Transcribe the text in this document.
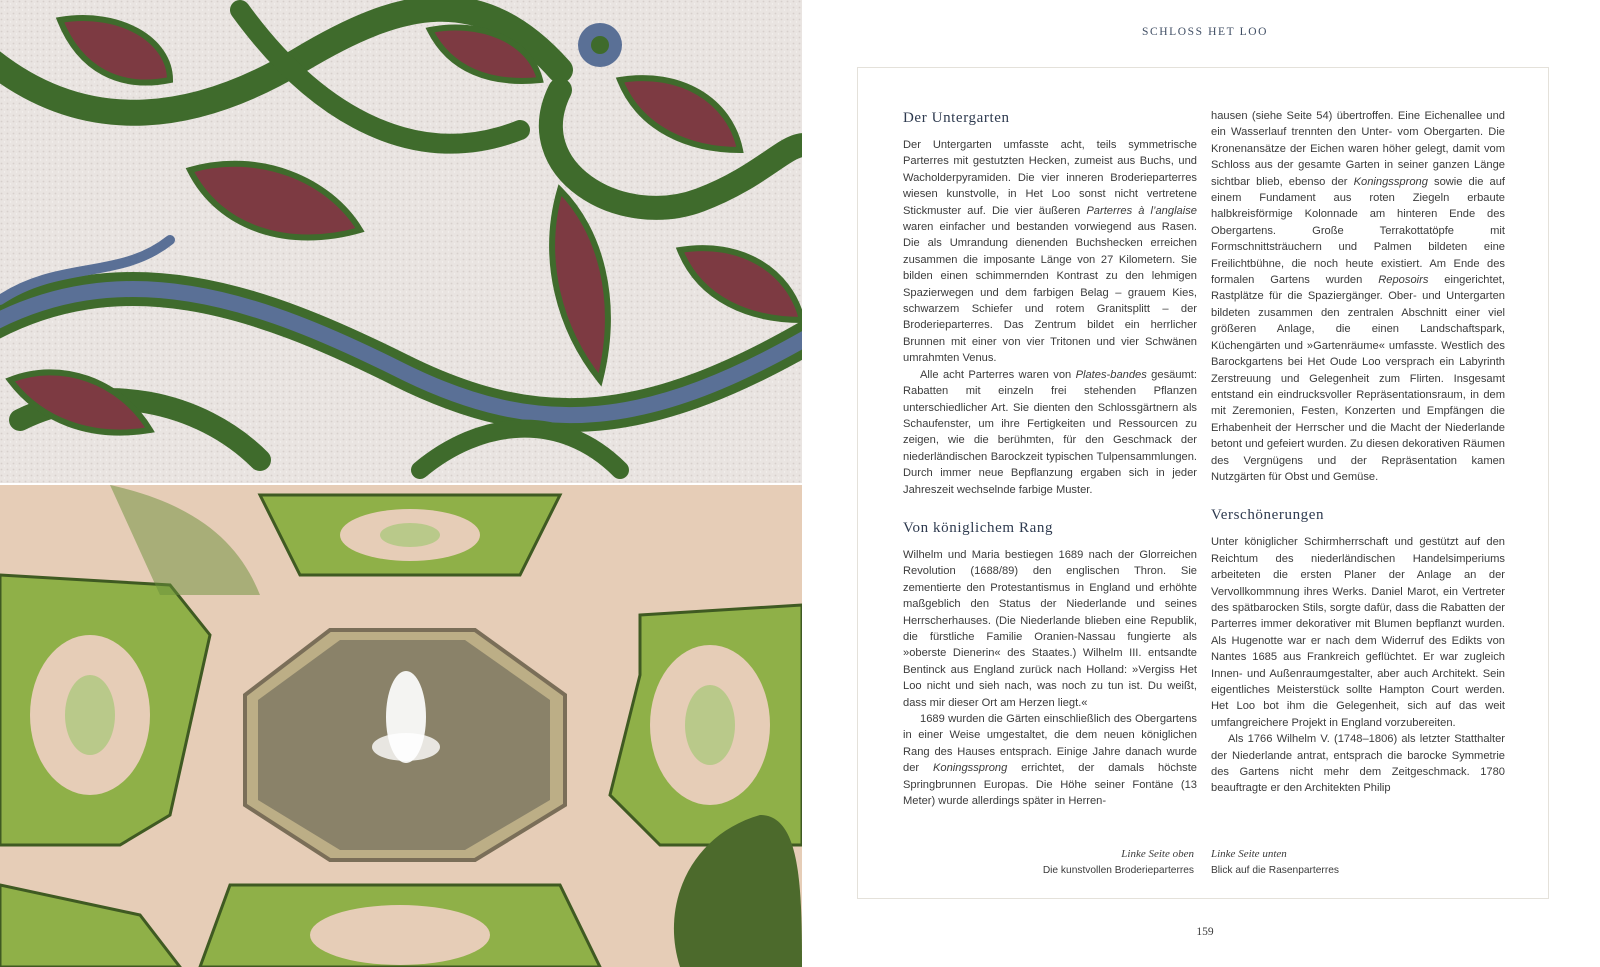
SCHLOSS HET LOO
Der Untergarten

Der Untergarten umfasste acht, teils symmetrische Parterres mit gestutzten Hecken, zumeist aus Buchs, und Wacholderpyramiden. Die vier inneren Broderieparterres wiesen kunstvolle, in Het Loo sonst nicht vertretene Stickmuster auf. Die vier äußeren Parterres à l’anglaise waren einfacher und bestanden vorwiegend aus Rasen. Die als Umrandung dienenden Buchshecken erreichen zusammen die imposante Länge von 27 Kilometern. Sie bilden einen schimmernden Kontrast zu den lehmigen Spazierwegen und dem farbigen Belag – grauem Kies, schwarzem Schiefer und rotem Granitsplitt – der Broderieparterres. Das Zentrum bildet ein herrlicher Brunnen mit einer von vier Tritonen und vier Schwänen umrahmten Venus.

Alle acht Parterres waren von Plates-bandes gesäumt: Rabatten mit einzeln frei stehenden Pflanzen unterschiedlicher Art. Sie dienten den Schlossgärtnern als Schaufenster, um ihre Fertigkeiten und Ressourcen zu zeigen, wie die berühmten, für den Geschmack der niederländischen Barockzeit typischen Tulpensammlungen. Durch immer neue Bepflanzung ergaben sich in jeder Jahreszeit wechselnde farbige Muster.

Von königlichem Rang

Wilhelm und Maria bestiegen 1689 nach der Glorreichen Revolution (1688/89) den englischen Thron. Sie zementierte den Protestantismus in England und erhöhte maßgeblich den Status der Niederlande und seines Herrscherhauses. (Die Niederlande blieben eine Republik, die fürstliche Familie Oranien-Nassau fungierte als »oberste Dienerin« des Staates.) Wilhelm III. entsandte Bentinck aus England zurück nach Holland: »Vergiss Het Loo nicht und sieh nach, was noch zu tun ist. Du weißt, dass mir dieser Ort am Herzen liegt.«

1689 wurden die Gärten einschließlich des Obergartens in einer Weise umgestaltet, die dem neuen königlichen Rang des Hauses entsprach. Einige Jahre danach wurde der Koningssprong errichtet, der damals höchste Springbrunnen Europas. Die Höhe seiner Fontäne (13 Meter) wurde allerdings später in Herren-

hausen (siehe Seite 54) übertroffen. Eine Eichenallee und ein Wasserlauf trennten den Unter- vom Obergarten. Die Kronenansätze der Eichen waren höher gelegt, damit vom Schloss aus der gesamte Garten in seiner ganzen Länge sichtbar blieb, ebenso der Koningssprong sowie die auf einem Fundament aus roten Ziegeln erbaute halbkreisförmige Kolonnade am hinteren Ende des Obergartens. Große Terrakottatöpfe mit Formschnittsträuchern und Palmen bildeten eine Freilichtbühne, die noch heute existiert. Am Ende des formalen Gartens wurden Reposoirs eingerichtet, Rastplätze für die Spaziergänger. Ober- und Untergarten bildeten zusammen den zentralen Abschnitt einer viel größeren Anlage, die einen Landschaftspark, Küchengärten und »Gartenräume« umfasste. Westlich des Barockgartens bei Het Oude Loo versprach ein Labyrinth Zerstreuung und Gelegenheit zum Flirten. Insgesamt entstand ein eindrucksvoller Repräsentationsraum, in dem mit Zeremonien, Festen, Konzerten und Empfängen die Erhabenheit der Herrscher und die Macht der Niederlande betont und gefeiert wurden. Zu diesen dekorativen Räumen des Vergnügens und der Repräsentation kamen Nutzgärten für Obst und Gemüse.

Verschönerungen

Unter königlicher Schirmherrschaft und gestützt auf den Reichtum des niederländischen Handelsimperiums arbeiteten die ersten Planer der Anlage an der Vervollkommnung ihres Werks. Daniel Marot, ein Vertreter des spätbarocken Stils, sorgte dafür, dass die Rabatten der Parterres immer dekorativer mit Blumen bepflanzt wurden. Als Hugenotte war er nach dem Widerruf des Edikts von Nantes 1685 aus Frankreich geflüchtet. Er war zugleich Innen- und Außenraumgestalter, aber auch Architekt. Sein eigentliches Meisterstück sollte Hampton Court werden. Het Loo bot ihm die Gelegenheit, sich auf das weit umfangreichere Projekt in England vorzubereiten.

Als 1766 Wilhelm V. (1748–1806) als letzter Statthalter der Niederlande antrat, entsprach die barocke Symmetrie des Gartens nicht mehr dem Zeitgeschmack. 1780 beauftragte er den Architekten Philip

Linke Seite oben
Die kunstvollen Broderieparterres
Linke Seite unten
Blick auf die Rasenparterres
159
